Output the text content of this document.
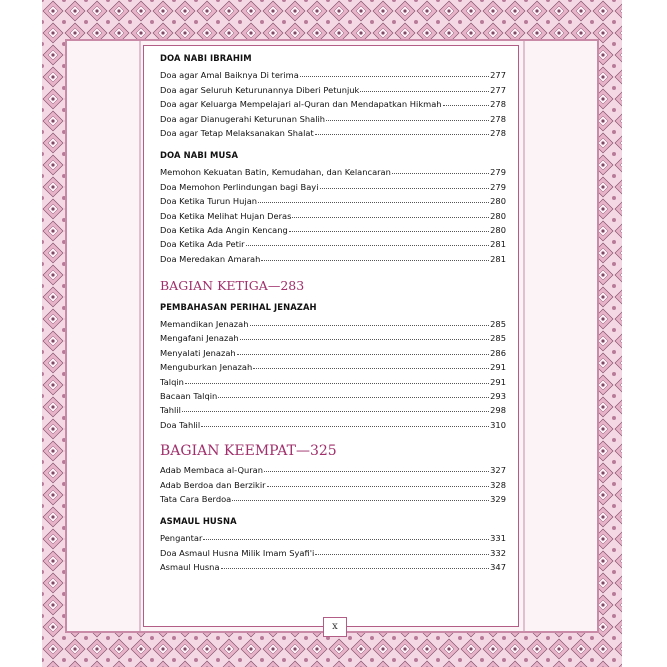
DOA NABI IBRAHIM
Doa agar Amal Baiknya Di terima	277
Doa agar Seluruh Keturunannya Diberi Petunjuk	277
Doa agar Keluarga Mempelajari al-Quran dan Mendapatkan Hikmah	278
Doa agar Dianugerahi Keturunan Shalih	278
Doa agar Tetap Melaksanakan Shalat	278
DOA NABI MUSA
Memohon Kekuatan Batin, Kemudahan, dan Kelancaran	279
Doa Memohon Perlindungan bagi Bayi	279
Doa Ketika Turun Hujan	280
Doa Ketika Melihat Hujan Deras	280
Doa Ketika Ada Angin Kencang	280
Doa Ketika Ada Petir	281
Doa Meredakan Amarah	281
BAGIAN KETIGA—283
PEMBAHASAN PERIHAL JENAZAH
Memandikan Jenazah	285
Mengafani Jenazah	285
Menyalati Jenazah	286
Menguburkan Jenazah	291
Talqin	291
Bacaan Talqin	293
Tahlil	298
Doa Tahlil	310
BAGIAN KEEMPAT—325
Adab Membaca al-Quran	327
Adab Berdoa dan Berzikir	328
Tata Cara Berdoa	329
ASMAUL HUSNA
Pengantar	331
Doa Asmaul Husna Milik Imam Syafi'i	332
Asmaul Husna	347
x
